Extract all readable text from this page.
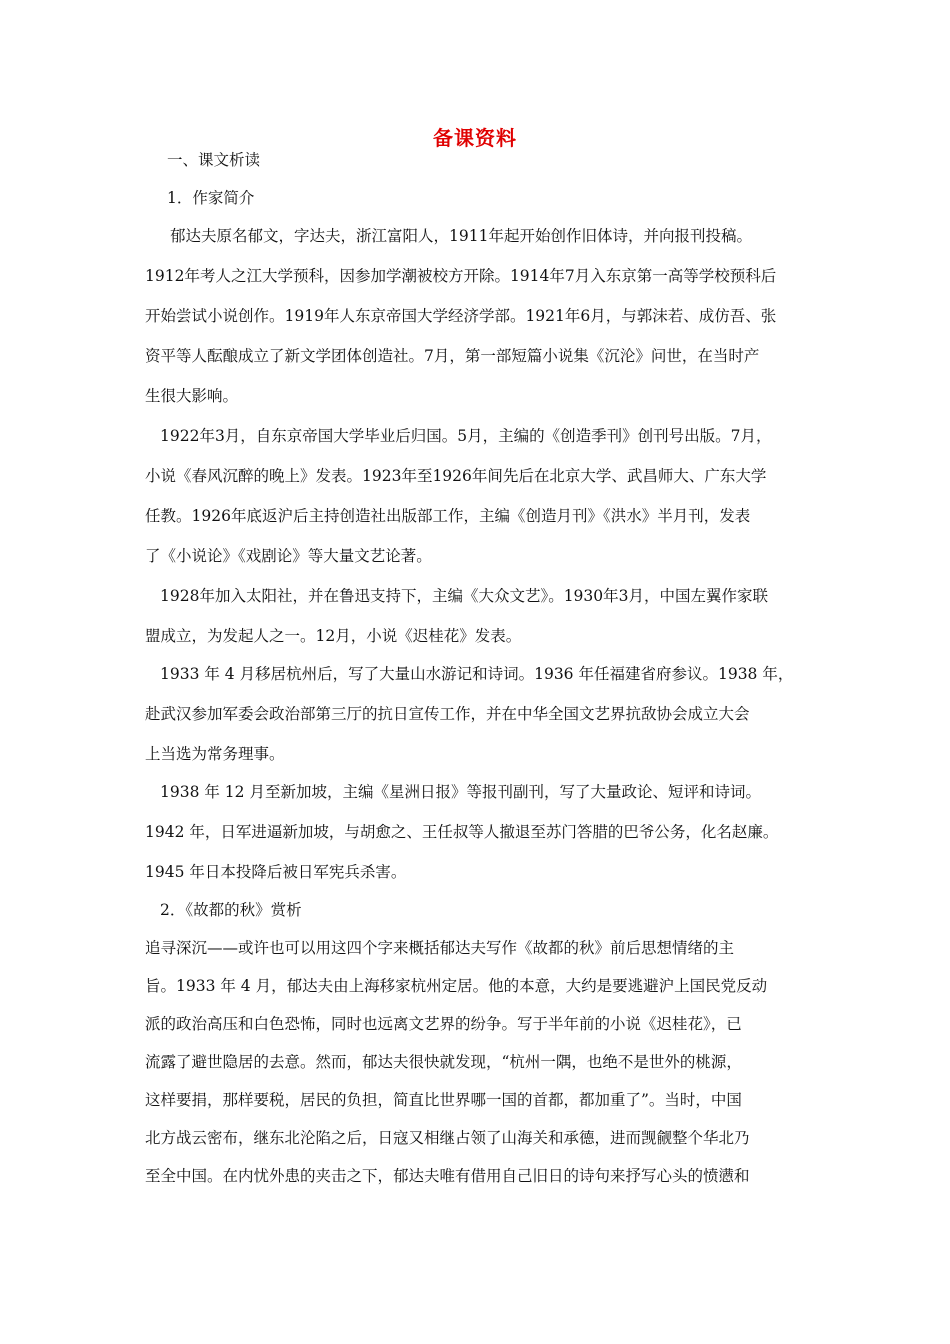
备课资料
一、课文析读
1．作家简介
郁达夫原名郁文，字达夫，浙江富阳人，1911年起开始创作旧体诗，并向报刊投稿。
1912年考人之江大学预科，因参加学潮被校方开除。1914年7月入东京第一高等学校预科后
开始尝试小说创作。1919年人东京帝国大学经济学部。1921年6月，与郭沫若、成仿吾、张
资平等人酝酿成立了新文学团体创造社。7月，第一部短篇小说集《沉沦》问世，在当时产
生很大影响。
1922年3月，自东京帝国大学毕业后归国。5月，主编的《创造季刊》创刊号出版。7月，
小说《春风沉醉的晚上》发表。1923年至1926年间先后在北京大学、武昌师大、广东大学
任教。1926年底返沪后主持创造社出版部工作，主编《创造月刊》《洪水》半月刊，发表
了《小说论》《戏剧论》等大量文艺论著。
1928年加入太阳社，并在鲁迅支持下，主编《大众文艺》。1930年3月，中国左翼作家联
盟成立，为发起人之一。12月，小说《迟桂花》发表。
1933 年 4 月移居杭州后，写了大量山水游记和诗词。1936 年任福建省府参议。1938 年，
赴武汉参加军委会政治部第三厅的抗日宣传工作，并在中华全国文艺界抗敌协会成立大会
上当选为常务理事。
1938 年 12 月至新加坡，主编《星洲日报》等报刊副刊，写了大量政论、短评和诗词。
1942 年，日军进逼新加坡，与胡愈之、王任叔等人撤退至苏门答腊的巴爷公务，化名赵廉。
1945 年日本投降后被日军宪兵杀害。
2．《故都的秋》赏析
追寻深沉——或许也可以用这四个字来概括郁达夫写作《故都的秋》前后思想情绪的主
旨。1933 年 4 月，郁达夫由上海移家杭州定居。他的本意，大约是要逃避沪上国民党反动
派的政治高压和白色恐怖，同时也远离文艺界的纷争。写于半年前的小说《迟桂花》，已
流露了避世隐居的去意。然而，郁达夫很快就发现，“杭州一隅，也绝不是世外的桃源，
这样要捐，那样要税，居民的负担，简直比世界哪一国的首都，都加重了”。当时，中国
北方战云密布，继东北沦陷之后，日寇又相继占领了山海关和承德，进而觊觎整个华北乃
至全中国。在内忧外患的夹击之下，郁达夫唯有借用自己旧日的诗句来抒写心头的愤懑和
